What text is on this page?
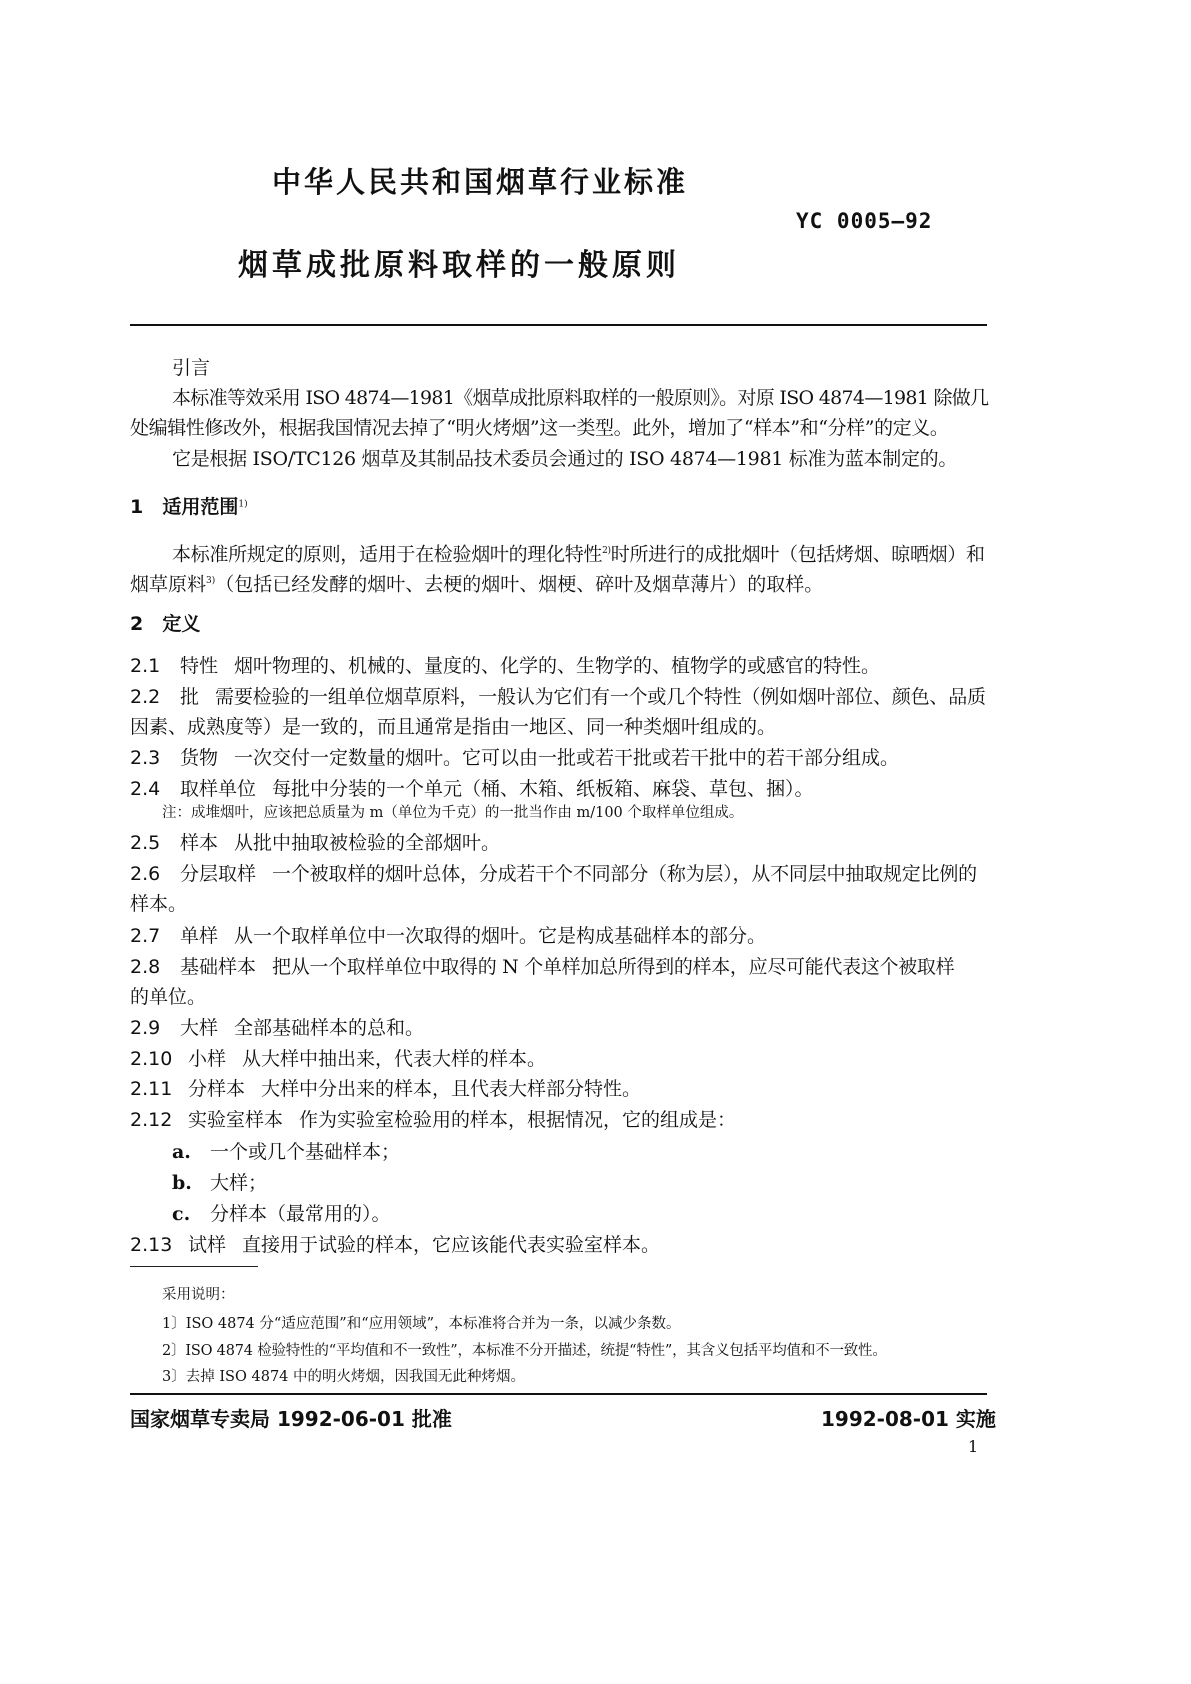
中华人民共和国烟草行业标准
YC 0005—92
烟草成批原料取样的一般原则
引言
本标准等效采用 ISO 4874—1981《烟草成批原料取样的一般原则》。对原 ISO 4874—1981 除做几
处编辑性修改外，根据我国情况去掉了“明火烤烟”这一类型。此外，增加了“样本”和“分样”的定义。
它是根据 ISO/TC126 烟草及其制品技术委员会通过的 ISO 4874—1981 标准为蓝本制定的。
1 适用范围$^{1)}$
本标准所规定的原则，适用于在检验烟叶的理化特性$^{2)}$时所进行的成批烟叶（包括烤烟、晾晒烟）和
烟草原料$^{3)}$（包括已经发酵的烟叶、去梗的烟叶、烟梗、碎叶及烟草薄片）的取样。
2 定义
2.1 特性 烟叶物理的、机械的、量度的、化学的、生物学的、植物学的或感官的特性。
2.2 批 需要检验的一组单位烟草原料，一般认为它们有一个或几个特性（例如烟叶部位、颜色、品质
因素、成熟度等）是一致的，而且通常是指由一地区、同一种类烟叶组成的。
2.3 货物 一次交付一定数量的烟叶。它可以由一批或若干批或若干批中的若干部分组成。
2.4 取样单位 每批中分装的一个单元（桶、木箱、纸板箱、麻袋、草包、捆）。
注：成堆烟叶，应该把总质量为 m（单位为千克）的一批当作由 m/100 个取样单位组成。
2.5 样本 从批中抽取被检验的全部烟叶。
2.6 分层取样 一个被取样的烟叶总体，分成若干个不同部分（称为层），从不同层中抽取规定比例的
样本。
2.7 单样 从一个取样单位中一次取得的烟叶。它是构成基础样本的部分。
2.8 基础样本 把从一个取样单位中取得的 N 个单样加总所得到的样本，应尽可能代表这个被取样
的单位。
2.9 大样 全部基础样本的总和。
2.10 小样 从大样中抽出来，代表大样的样本。
2.11 分样本 大样中分出来的样本，且代表大样部分特性。
2.12 实验室样本 作为实验室检验用的样本，根据情况，它的组成是：
a. 一个或几个基础样本；
b. 大样；
c. 分样本（最常用的）。
2.13 试样 直接用于试验的样本，它应该能代表实验室样本。
采用说明：
1〕ISO 4874 分“适应范围”和“应用领域”，本标准将合并为一条，以减少条数。
2〕ISO 4874 检验特性的“平均值和不一致性”，本标准不分开描述，统提“特性”，其含义包括平均值和不一致性。
3〕去掉 ISO 4874 中的明火烤烟，因我国无此种烤烟。
国家烟草专卖局 1992-06-01 批准	1992-08-01 实施
1
